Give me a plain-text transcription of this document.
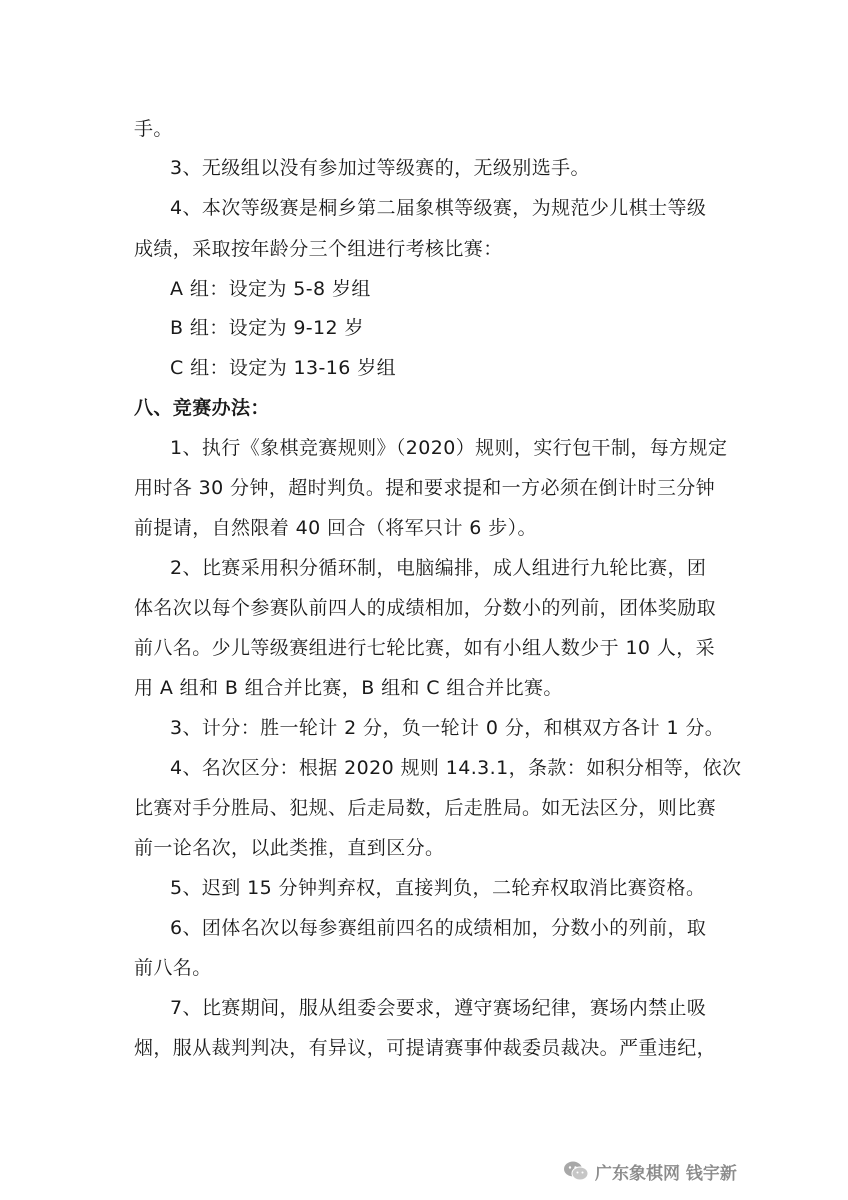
手。
3、无级组以没有参加过等级赛的，无级别选手。
4、本次等级赛是桐乡第二届象棋等级赛，为规范少儿棋士等级
成绩，采取按年龄分三个组进行考核比赛：
A 组：设定为 5-8 岁组
B 组：设定为 9-12 岁
C 组：设定为 13-16 岁组
八、竞赛办法：
1、执行《象棋竞赛规则》（2020）规则，实行包干制，每方规定
用时各 30 分钟，超时判负。提和要求提和一方必须在倒计时三分钟
前提请，自然限着 40 回合（将军只计 6 步）。
2、比赛采用积分循环制，电脑编排，成人组进行九轮比赛，团
体名次以每个参赛队前四人的成绩相加，分数小的列前，团体奖励取
前八名。少儿等级赛组进行七轮比赛，如有小组人数少于 10 人，采
用 A 组和 B 组合并比赛，B 组和 C 组合并比赛。
3、计分：胜一轮计 2 分，负一轮计 0 分，和棋双方各计 1 分。
4、名次区分：根据 2020 规则 14.3.1，条款：如积分相等，依次
比赛对手分胜局、犯规、后走局数，后走胜局。如无法区分，则比赛
前一论名次，以此类推，直到区分。
5、迟到 15 分钟判弃权，直接判负，二轮弃权取消比赛资格。
6、团体名次以每参赛组前四名的成绩相加，分数小的列前，取
前八名。
7、比赛期间，服从组委会要求，遵守赛场纪律，赛场内禁止吸
烟，服从裁判判决，有异议，可提请赛事仲裁委员裁决。严重违纪，
广东象棋网 钱宇新
